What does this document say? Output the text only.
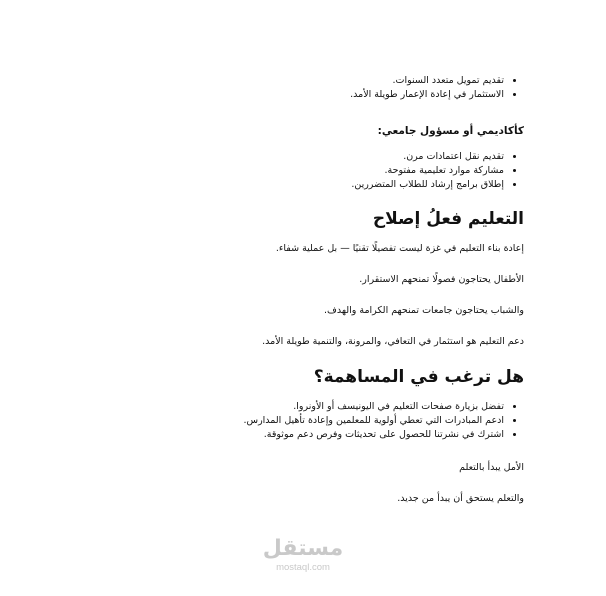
• تقديم تمويل متعدد السنوات.
• الاستثمار في إعادة الإعمار طويلة الأمد.
كأكاديمي أو مسؤول جامعي:
• تقديم نقل اعتمادات مرن.
• مشاركة موارد تعليمية مفتوحة.
• إطلاق برامج إرشاد للطلاب المتضررين.
التعليم فعلُ إصلاح
إعادة بناء التعليم في غزة ليست تفصيلًا تقنيًا — بل عملية شفاء.
الأطفال يحتاجون فصولًا تمنحهم الاستقرار.
والشباب يحتاجون جامعات تمنحهم الكرامة والهدف.
دعم التعليم هو استثمار في التعافي، والمرونة، والتنمية طويلة الأمد.
هل ترغب في المساهمة؟
• تفضل بزيارة صفحات التعليم في اليونيسف أو الأونروا.
• ادعم المبادرات التي تعطي أولوية للمعلمين وإعادة تأهيل المدارس.
• اشترك في نشرتنا للحصول على تحديثات وفرص دعم موثوقة.
الأمل يبدأ بالتعلم
والتعلم يستحق أن يبدأ من جديد.
مستقل
mostaql.com
